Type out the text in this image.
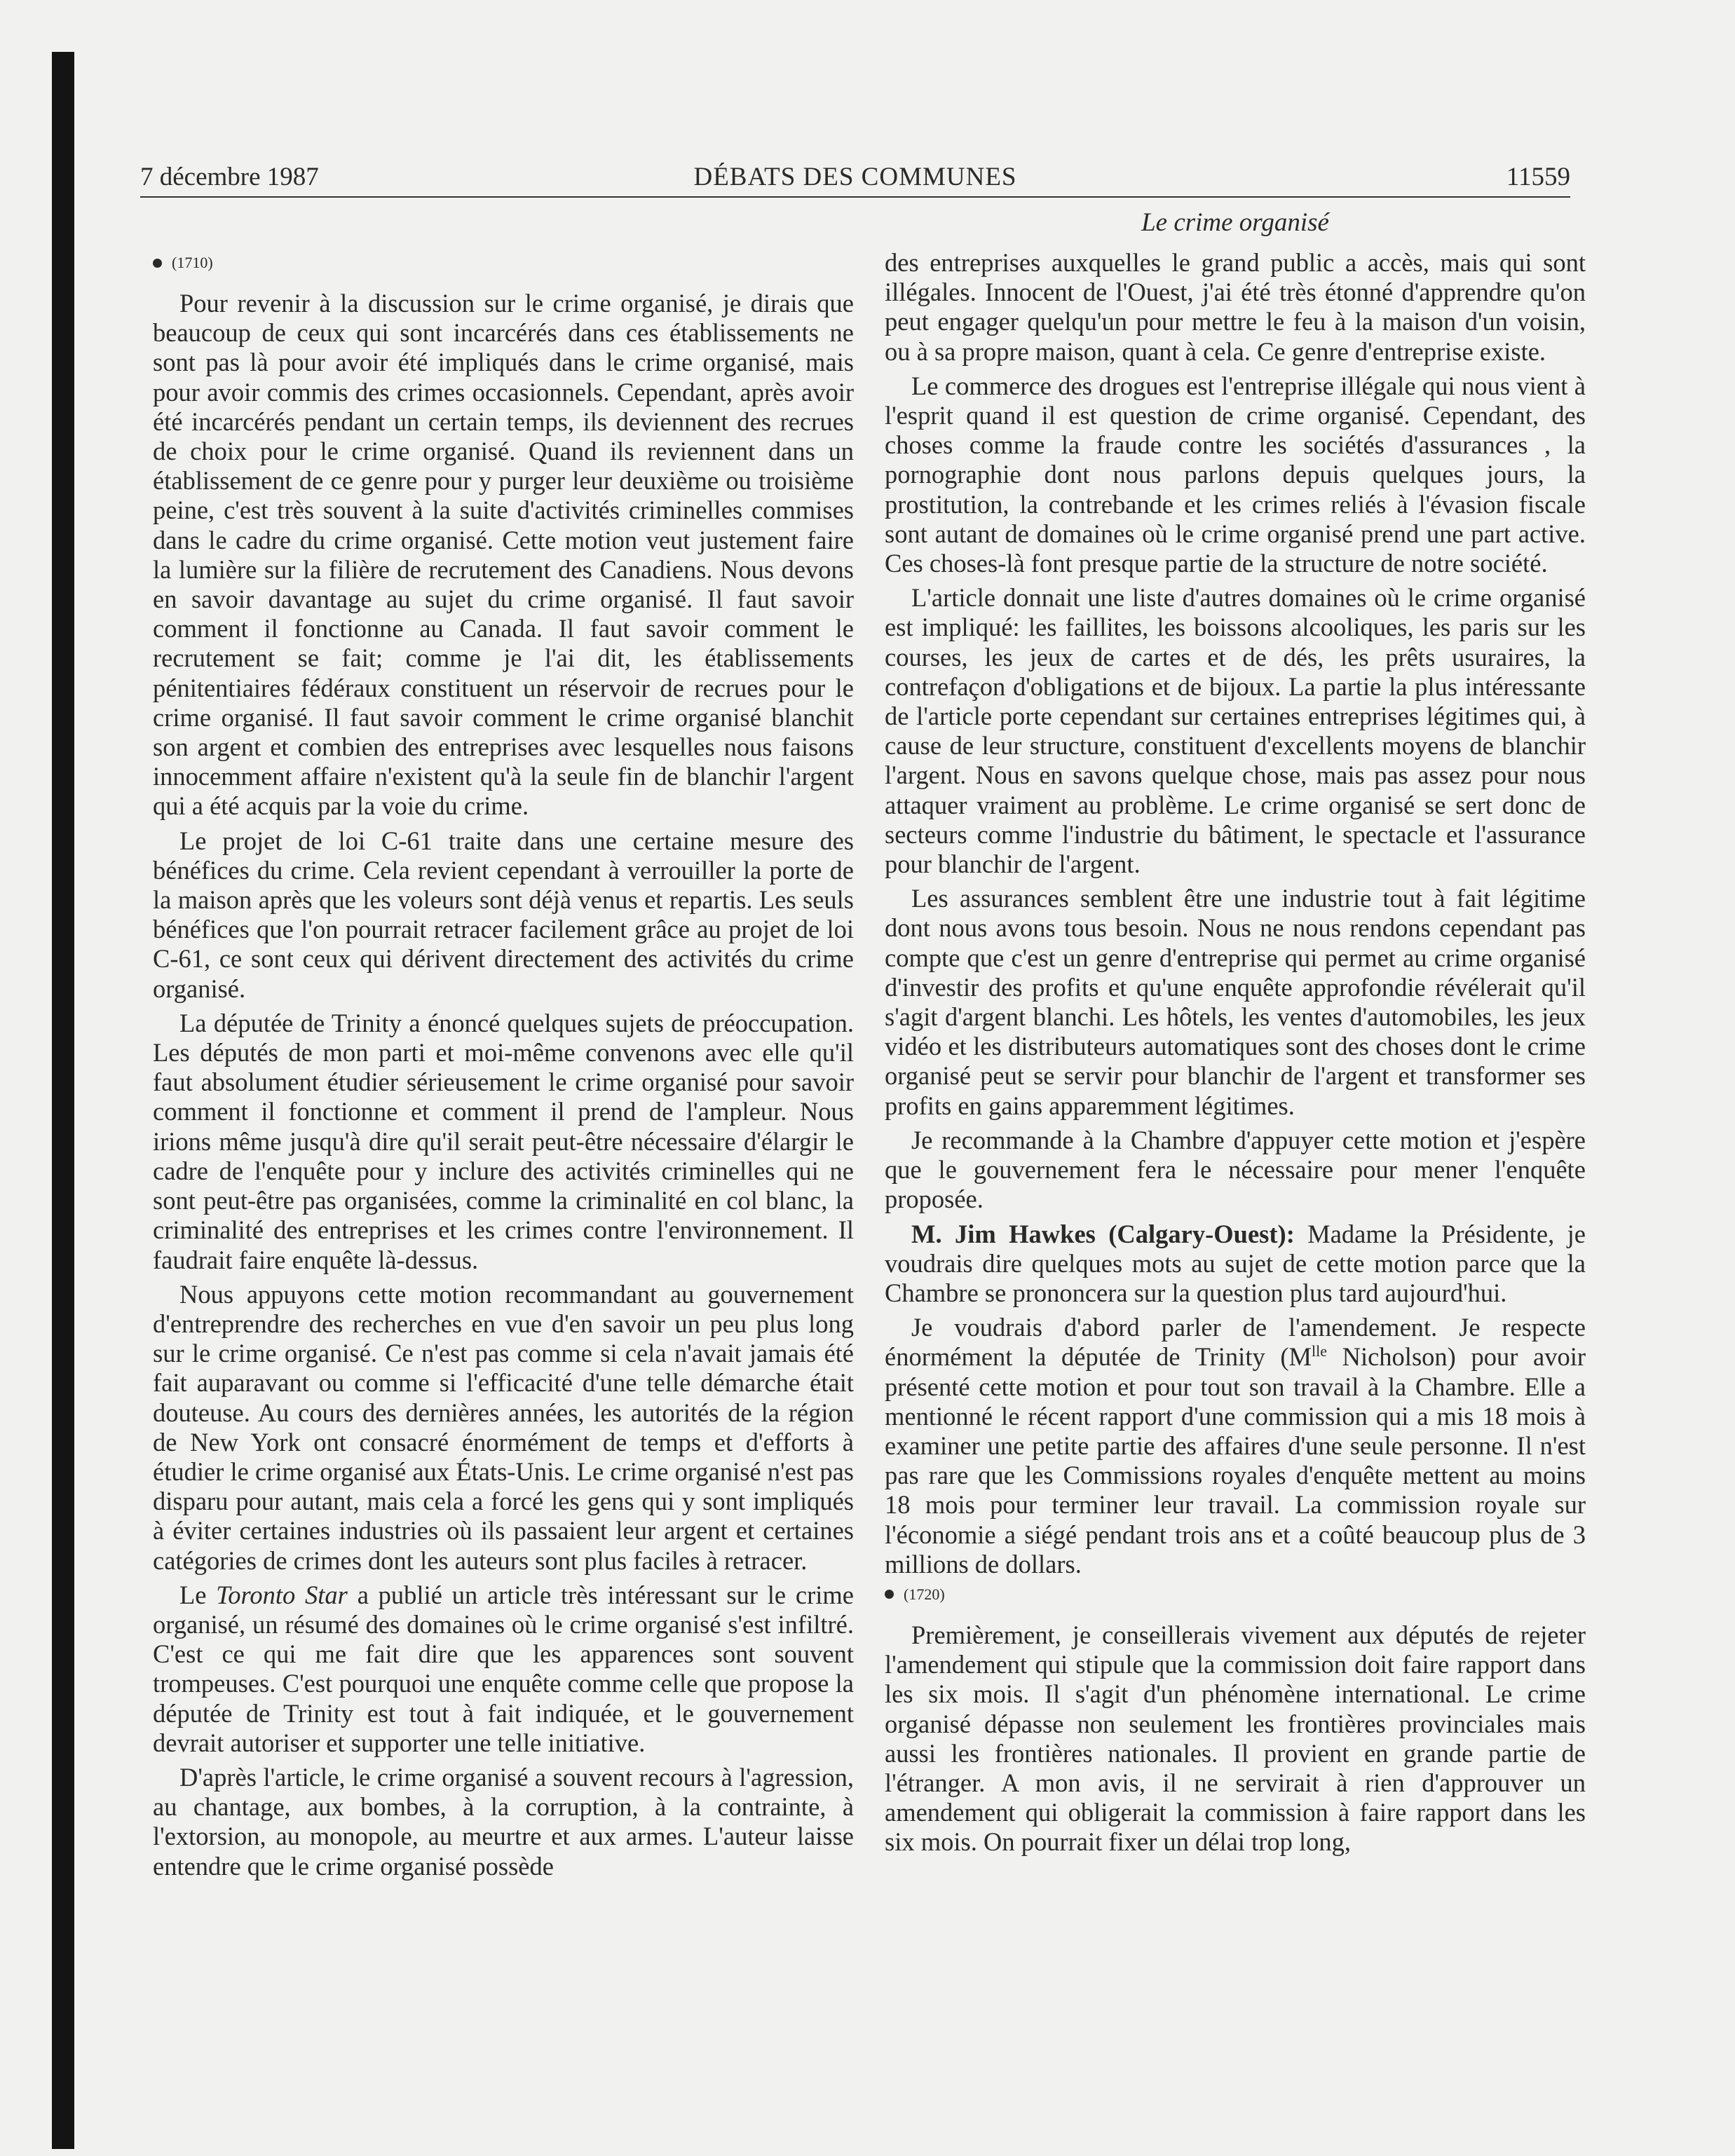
7 décembre 1987	DÉBATS DES COMMUNES	11559
(1710)

Pour revenir à la discussion sur le crime organisé, je dirais que beaucoup de ceux qui sont incarcérés dans ces établissements ne sont pas là pour avoir été impliqués dans le crime organisé, mais pour avoir commis des crimes occasionnels. Cependant, après avoir été incarcérés pendant un certain temps, ils deviennent des recrues de choix pour le crime organisé. Quand ils reviennent dans un établissement de ce genre pour y purger leur deuxième ou troisième peine, c'est très souvent à la suite d'activités criminelles commises dans le cadre du crime organisé. Cette motion veut justement faire la lumière sur la filière de recrutement des Canadiens. Nous devons en savoir davantage au sujet du crime organisé. Il faut savoir comment il fonctionne au Canada. Il faut savoir comment le recrutement se fait; comme je l'ai dit, les établissements pénitentiaires fédéraux constituent un réservoir de recrues pour le crime organisé. Il faut savoir comment le crime organisé blanchit son argent et combien des entreprises avec lesquelles nous faisons innocemment affaire n'existent qu'à la seule fin de blanchir l'argent qui a été acquis par la voie du crime.

Le projet de loi C-61 traite dans une certaine mesure des bénéfices du crime. Cela revient cependant à verrouiller la porte de la maison après que les voleurs sont déjà venus et repartis. Les seuls bénéfices que l'on pourrait retracer facilement grâce au projet de loi C-61, ce sont ceux qui dérivent directement des activités du crime organisé.

La députée de Trinity a énoncé quelques sujets de préoccupation. Les députés de mon parti et moi-même convenons avec elle qu'il faut absolument étudier sérieusement le crime organisé pour savoir comment il fonctionne et comment il prend de l'ampleur. Nous irions même jusqu'à dire qu'il serait peut-être nécessaire d'élargir le cadre de l'enquête pour y inclure des activités criminelles qui ne sont peut-être pas organisées, comme la criminalité en col blanc, la criminalité des entreprises et les crimes contre l'environnement. Il faudrait faire enquête là-dessus.

Nous appuyons cette motion recommandant au gouvernement d'entreprendre des recherches en vue d'en savoir un peu plus long sur le crime organisé. Ce n'est pas comme si cela n'avait jamais été fait auparavant ou comme si l'efficacité d'une telle démarche était douteuse. Au cours des dernières années, les autorités de la région de New York ont consacré énormément de temps et d'efforts à étudier le crime organisé aux États-Unis. Le crime organisé n'est pas disparu pour autant, mais cela a forcé les gens qui y sont impliqués à éviter certaines industries où ils passaient leur argent et certaines catégories de crimes dont les auteurs sont plus faciles à retracer.

Le Toronto Star a publié un article très intéressant sur le crime organisé, un résumé des domaines où le crime organisé s'est infiltré. C'est ce qui me fait dire que les apparences sont souvent trompeuses. C'est pourquoi une enquête comme celle que propose la députée de Trinity est tout à fait indiquée, et le gouvernement devrait autoriser et supporter une telle initiative.

D'après l'article, le crime organisé a souvent recours à l'agression, au chantage, aux bombes, à la corruption, à la contrainte, à l'extorsion, au monopole, au meurtre et aux armes. L'auteur laisse entendre que le crime organisé possède

Le crime organisé

des entreprises auxquelles le grand public a accès, mais qui sont illégales. Innocent de l'Ouest, j'ai été très étonné d'apprendre qu'on peut engager quelqu'un pour mettre le feu à la maison d'un voisin, ou à sa propre maison, quant à cela. Ce genre d'entreprise existe.

Le commerce des drogues est l'entreprise illégale qui nous vient à l'esprit quand il est question de crime organisé. Cependant, des choses comme la fraude contre les sociétés d'assurances , la pornographie dont nous parlons depuis quelques jours, la prostitution, la contrebande et les crimes reliés à l'évasion fiscale sont autant de domaines où le crime organisé prend une part active. Ces choses-là font presque partie de la structure de notre société.

L'article donnait une liste d'autres domaines où le crime organisé est impliqué: les faillites, les boissons alcooliques, les paris sur les courses, les jeux de cartes et de dés, les prêts usuraires, la contrefaçon d'obligations et de bijoux. La partie la plus intéressante de l'article porte cependant sur certaines entreprises légitimes qui, à cause de leur structure, constituent d'excellents moyens de blanchir l'argent. Nous en savons quelque chose, mais pas assez pour nous attaquer vraiment au problème. Le crime organisé se sert donc de secteurs comme l'industrie du bâtiment, le spectacle et l'assurance pour blanchir de l'argent.

Les assurances semblent être une industrie tout à fait légitime dont nous avons tous besoin. Nous ne nous rendons cependant pas compte que c'est un genre d'entreprise qui permet au crime organisé d'investir des profits et qu'une enquête approfondie révélerait qu'il s'agit d'argent blanchi. Les hôtels, les ventes d'automobiles, les jeux vidéo et les distributeurs automatiques sont des choses dont le crime organisé peut se servir pour blanchir de l'argent et transformer ses profits en gains apparemment légitimes.

Je recommande à la Chambre d'appuyer cette motion et j'espère que le gouvernement fera le nécessaire pour mener l'enquête proposée.

M. Jim Hawkes (Calgary-Ouest): Madame la Présidente, je voudrais dire quelques mots au sujet de cette motion parce que la Chambre se prononcera sur la question plus tard aujourd'hui.

Je voudrais d'abord parler de l'amendement. Je respecte énormément la députée de Trinity ($M^{lle}$ Nicholson) pour avoir présenté cette motion et pour tout son travail à la Chambre. Elle a mentionné le récent rapport d'une commission qui a mis 18 mois à examiner une petite partie des affaires d'une seule personne. Il n'est pas rare que les Commissions royales d'enquête mettent au moins 18 mois pour terminer leur travail. La commission royale sur l'économie a siégé pendant trois ans et a coûté beaucoup plus de 3 millions de dollars.

(1720)

Premièrement, je conseillerais vivement aux députés de rejeter l'amendement qui stipule que la commission doit faire rapport dans les six mois. Il s'agit d'un phénomène international. Le crime organisé dépasse non seulement les frontières provinciales mais aussi les frontières nationales. Il provient en grande partie de l'étranger. A mon avis, il ne servirait à rien d'approuver un amendement qui obligerait la commission à faire rapport dans les six mois. On pourrait fixer un délai trop long,
